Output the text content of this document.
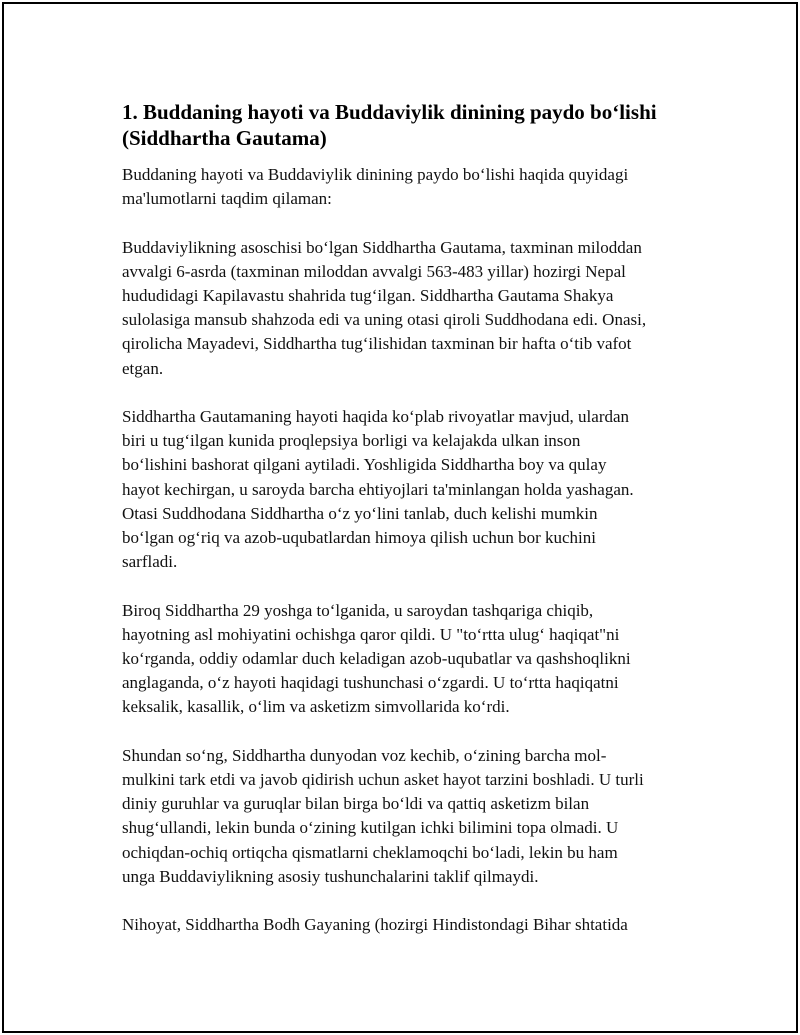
1. Buddaning hayoti va Buddaviylik dinining paydo bo‘lishi
(Siddhartha Gautama)

Buddaning hayoti va Buddaviylik dinining paydo bo‘lishi haqida quyidagi
ma'lumotlarni taqdim qilaman:

Buddaviylikning asoschisi bo‘lgan Siddhartha Gautama, taxminan miloddan
avvalgi 6-asrda (taxminan miloddan avvalgi 563-483 yillar) hozirgi Nepal
hududidagi Kapilavastu shahrida tug‘ilgan. Siddhartha Gautama Shakya
sulolasiga mansub shahzoda edi va uning otasi qiroli Suddhodana edi. Onasi,
qirolicha Mayadevi, Siddhartha tug‘ilishidan taxminan bir hafta o‘tib vafot
etgan.

Siddhartha Gautamaning hayoti haqida ko‘plab rivoyatlar mavjud, ulardan
biri u tug‘ilgan kunida proqlepsiya borligi va kelajakda ulkan inson
bo‘lishini bashorat qilgani aytiladi. Yoshligida Siddhartha boy va qulay
hayot kechirgan, u saroyda barcha ehtiyojlari ta'minlangan holda yashagan.
Otasi Suddhodana Siddhartha o‘z yo‘lini tanlab, duch kelishi mumkin
bo‘lgan og‘riq va azob-uqubatlardan himoya qilish uchun bor kuchini
sarfladi.

Biroq Siddhartha 29 yoshga to‘lganida, u saroydan tashqariga chiqib,
hayotning asl mohiyatini ochishga qaror qildi. U "to‘rtta ulug‘ haqiqat"ni
ko‘rganda, oddiy odamlar duch keladigan azob-uqubatlar va qashshoqlikni
anglaganda, o‘z hayoti haqidagi tushunchasi o‘zgardi. U to‘rtta haqiqatni
keksalik, kasallik, o‘lim va asketizm simvollarida ko‘rdi.

Shundan so‘ng, Siddhartha dunyodan voz kechib, o‘zining barcha mol-
mulkini tark etdi va javob qidirish uchun asket hayot tarzini boshladi. U turli
diniy guruhlar va guruqlar bilan birga bo‘ldi va qattiq asketizm bilan
shug‘ullandi, lekin bunda o‘zining kutilgan ichki bilimini topa olmadi. U
ochiqdan-ochiq ortiqcha qismatlarni cheklamoqchi bo‘ladi, lekin bu ham
unga Buddaviylikning asosiy tushunchalarini taklif qilmaydi.

Nihoyat, Siddhartha Bodh Gayaning (hozirgi Hindistondagi Bihar shtatida
